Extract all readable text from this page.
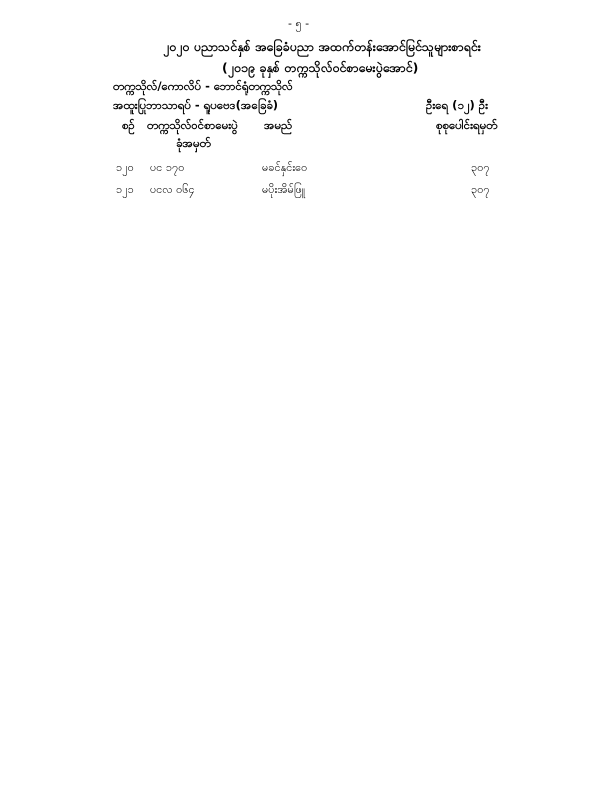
- ၅ -
၂၀၂၀ ပညာသင်နှစ် အခြေခံပညာ အထက်တန်းအောင်မြင်သူများစာရင်း
(၂၀၁၉ ခုနှစ် တက္ကသိုလ်ဝင်စာမေးပွဲအောင်)
တက္ကသိုလ်/ကောလိပ် - ဘောင်ရုံတက္ကသိုလ်
အထူးပြုဘာသာရပ် - ရူပဗေဒ(အခြေခံ)	ဦးရေ (၁၂) ဦး
စဉ် တက္ကသိုလ်ဝင်စာမေးပွဲ
ခုံအမှတ်
အမည်	စုစုပေါင်းရမှတ်
၁၂၀ ပင ၁၇၀	မခင်နှင်းဝေ	၃၀၇
၁၂၁ ပငလ ၀၆၄	မပိုးအိမ်ဖြူ	၃၀၇
